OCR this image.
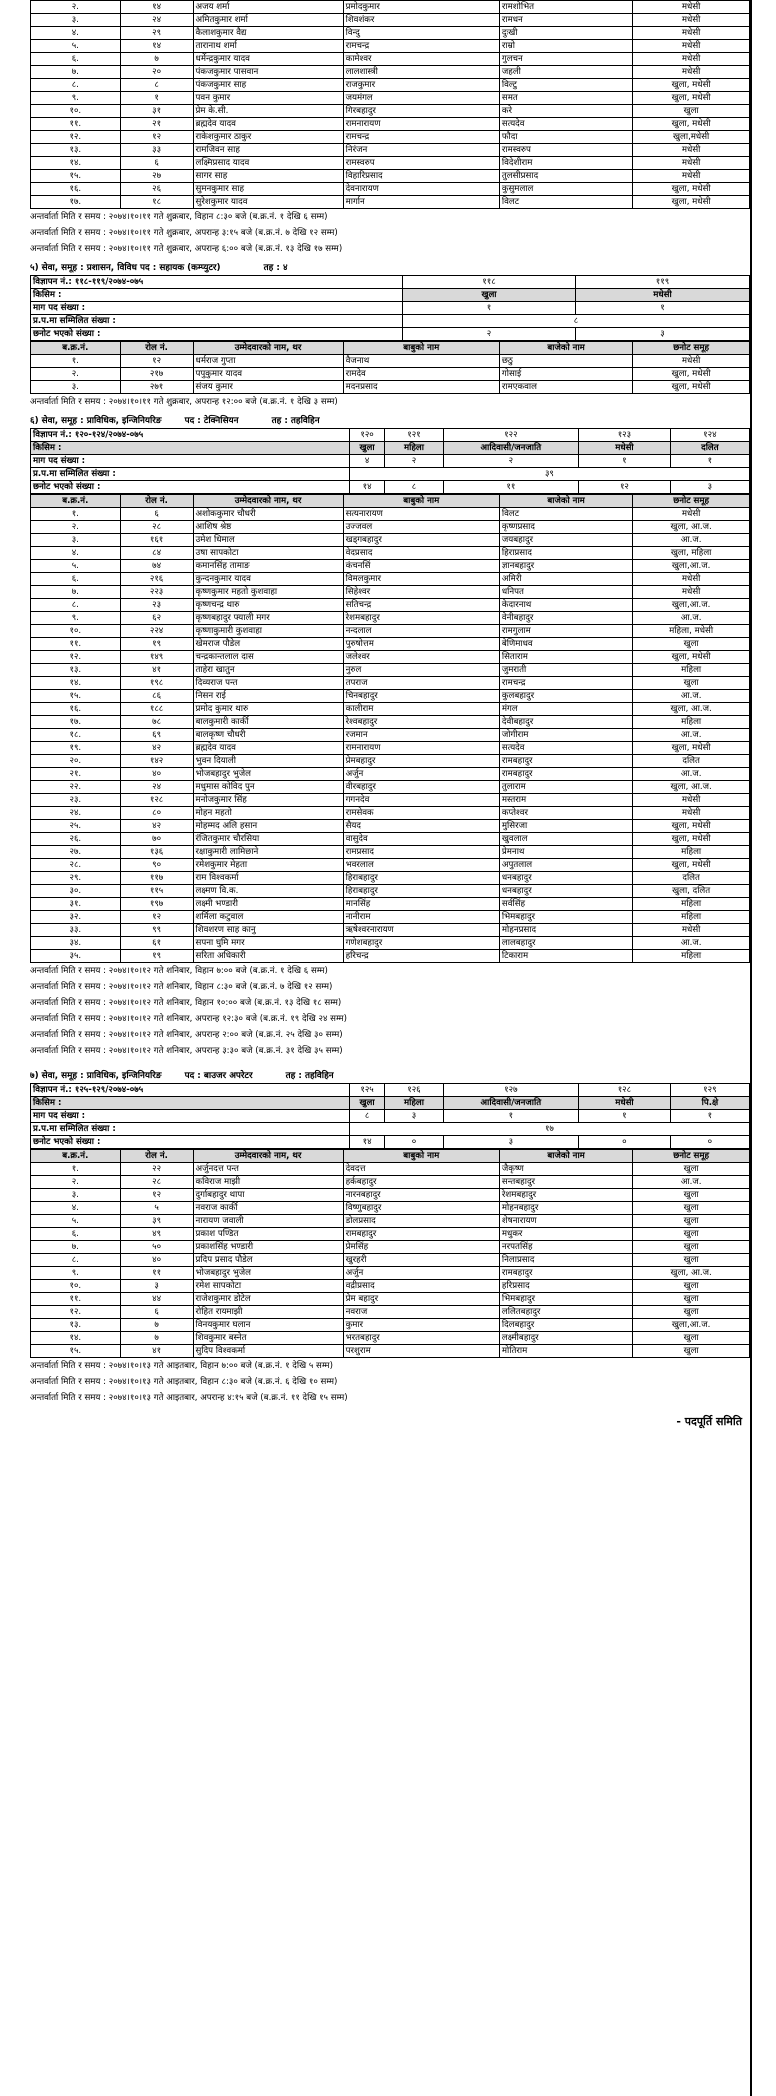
२.	१४	अजय शर्मा	प्रमोदकुमार	रामशोभित	मधेसी
३.	२४	अमितकुमार शर्मा	शिवशंकर	रामधन	मधेसी
४.	२९	कैलाशकुमार वैद्य	विन्दु	दुःखी	मधेसी
५.	१४	तारानाथ शर्मा	रामचन्द्र	राम्रो	मधेसी
६.	७	धर्मेन्द्रकुमार यादव	कामेश्वर	गुलचन	मधेसी
७.	२०	पंकजकुमार पासवान	लालशास्त्री	जहली	मधेसी
८.	८	पंकजकुमार साह	राजकुमार	विल्टु	खुला, मधेसी
९.	१	पवन कुमार	जयमंगल	समत	खुला, मधेसी
१०.	३१	प्रेम के.सी.	गिरबहादुर	करे	खुला
११.	२१	ब्रह्मदेव यादव	रामनारायण	सत्यदेव	खुला, मधेसी
१२.	१२	राकेशकुमार ठाकुर	रामचन्द्र	फौदा	खुला,मधेसी
१३.	३३	रामजिवन साह	निरंजन	रामस्वरुप	मधेसी
१४.	६	लक्ष्मिप्रसाद यादव	रामस्वरुप	विदेशीराम	मधेसी
१५.	२७	सागर साह	विहारिप्रसाद	तुलसीप्रसाद	मधेसी
१६.	२६	सुमनकुमार साह	देवनारायण	कुसुमलाल	खुला, मधेसी
१७.	१८	सुरेशकुमार यादव	मार्गान	विलट	खुला, मधेसी
अन्तर्वार्ता मिति र समय : २०७४।१०।११ गते शुक्रबार, विहान ८:३० बजे (ब.क्र.नं. १ देखि ६ सम्म)
अन्तर्वार्ता मिति र समय : २०७४।१०।११ गते शुक्रबार, अपरान्ह ३:१५ बजे (ब.क्र.नं. ७ देखि १२ सम्म)
अन्तर्वार्ता मिति र समय : २०७४।१०।११ गते शुक्रबार, अपरान्ह ६:०० बजे (ब.क्र.नं. १३ देखि १७ सम्म)
५) सेवा, समूह : प्रशासन, विविध पद : सहायक (कम्प्युटर)	तह : ४
विज्ञापन नं.: ११८-११९/२०७४-०७५	११८	११९
किसिम :	खुला	मधेसी
माग पद संख्या :	१	१
प्र.प.मा सम्मिलित संख्या :	८	
छनोट भएको संख्या :	२	३
ब.क्र.नं.	रोल नं.	उम्मेदवारको नाम, थर	बाबुको नाम	बाजेको नाम	छनोट समूह
१.	१२	धर्मराज गुप्ता	वैजनाथ	छठु	मधेसी
२.	२१७	पपुकुमार यादव	रामदेव	गोसाई	खुला, मधेसी
३.	२७१	संजय कुमार	मदनप्रसाद	रामएकवाल	खुला, मधेसी
अन्तर्वार्ता मिति र समय : २०७४।१०।११ गते शुक्रबार, अपरान्ह १२:०० बजे (ब.क्र.नं. १ देखि ३ सम्म)
६) सेवा, समूह : प्राविधिक, इन्जिनियरिङ	पद : टेक्निसियन	तह : तहविहिन
विज्ञापन नं.: १२०-१२४/२०७४-०७५	१२०	१२१	१२२	१२३	१२४
किसिम :	खुला	महिला	आदिवासी/जनजाति	मधेसी	दलित
माग पद संख्या :	४	२	२	१	१
प्र.प.मा सम्मिलित संख्या :	३९				
छनोट भएको संख्या :	१४	८	११	१२	३
ब.क्र.नं.	रोल नं.	उम्मेदवारको नाम, थर	बाबुको नाम	बाजेको नाम	छनोट समूह
१.	६	अशोककुमार चौधरी	सत्यनारायण	विलट	मधेसी
२.	२८	आशिष श्रेष्ठ	उज्जवल	कृष्णप्रसाद	खुला, आ.ज.
३.	१६१	उमेश धिमाल	खड्गबहादुर	जयबहादुर	आ.ज.
४.	८४	उषा सापकोटा	वेदप्रसाद	हिराप्रसाद	खुला, महिला
५.	७४	कमानसिंह तामाङ	कंचनसिं	ज्ञानबहादुर	खुला,आ.ज.
६.	२१६	कुन्दनकुमार यादव	विमलकुमार	अमिरी	मधेसी
७.	२२३	कृष्णकुमार महतो कुशवाहा	सिहेश्वर	धनिपत	मधेसी
८.	२३	कृष्णचन्द्र थारु	सतिचन्द्र	केदारनाथ	खुला,आ.ज.
९.	६२	कृष्णबहादुर फ्याली मगर	रेशमबहादुर	वेनीबहादुर	आ.ज.
१०.	२२४	कृष्णाकुमारी कुशवाहा	नन्दलाल	रामगुलाम	महिला, मधेसी
११.	१९	खेमराज पौडेल	पुरुषोत्तम	बेणिमाधव	खुला
१२.	१४९	चन्द्रकान्तलाल दास	जलेश्वर	सिताराम	खुला, मधेसी
१३.	४१	ताहेरा खातुन	नुरुल	जुमराती	महिला
१४.	१९८	दिव्यराज पन्त	तपराज	रामचन्द्र	खुला
१५.	८६	निसन राई	चिनबहादुर	कुलबहादुर	आ.ज.
१६.	१८८	प्रमोद कुमार थारु	कालीराम	मंगल	खुला, आ.ज.
१७.	७८	बालकुमारी कार्की	रेश्वबहादुर	देवीबहादुर	महिला
१८.	६९	बालकृष्ण चौधरी	रजमान	जोगीराम	आ.ज.
१९.	४२	ब्रह्मदेव यादव	रामनारायण	सत्यदेव	खुला, मधेसी
२०.	१४२	भुवन दियाली	प्रेमबहादुर	रामबहादुर	दलित
२१.	४०	भोजबहादुर भुजेल	अर्जुन	रामबहादुर	आ.ज.
२२.	२४	मधुमास कोविद पुन	वीरबहादुर	तुलाराम	खुला, आ.ज.
२३.	१२८	मनोजकुमार सिंह	गगनदेव	मस्तराम	मधेसी
२४.	८०	मोहन महतो	रामसेवक	कप्तेश्वर	मधेसी
२५.	४२	मोहम्मद अलि हसान	सैयद	मुसिरजा	खुला, मधेसी
२६.	७०	रंजितकुमार चौरसिया	वासुदेव	खुवलाल	खुला, मधेसी
२७.	१३६	रक्षाकुमारी लामिछाने	रामप्रसाद	प्रेमनाथ	महिला
२८.	९०	रमेशकुमार मेहता	भवरलाल	अपुतलाल	खुला, मधेसी
२९.	११७	राम विश्वकर्मा	हिराबहादुर	धनबहादुर	दलित
३०.	११५	लक्ष्मण वि.क.	हिराबहादुर	धनबहादुर	खुला, दलित
३१.	१९७	लक्ष्मी भण्डारी	मानसिंह	सर्वसिंह	महिला
३२.	१२	शर्मिला कटुवाल	नानीराम	भिमबहादुर	महिला
३३.	९९	शिवशरण साह कानु	ऋषेश्वरनारायण	मोहनप्रसाद	मधेसी
३४.	६१	सपना घुमि मगर	गणेशबहादुर	लालबहादुर	आ.ज.
३५.	१९	सरिता अधिकारी	हरिचन्द्र	टिकाराम	महिला
अन्तर्वार्ता मिति र समय : २०७४।१०।१२ गते शनिबार, विहान ७:०० बजे (ब.क्र.नं. १ देखि ६ सम्म)
अन्तर्वार्ता मिति र समय : २०७४।१०।१२ गते शनिबार, विहान ८:३० बजे (ब.क्र.नं. ७ देखि १२ सम्म)
अन्तर्वार्ता मिति र समय : २०७४।१०।१२ गते शनिबार, विहान १०:०० बजे (ब.क्र.नं. १३ देखि १८ सम्म)
अन्तर्वार्ता मिति र समय : २०७४।१०।१२ गते शनिबार, अपरान्ह १२:३० बजे (ब.क्र.नं. १९ देखि २४ सम्म)
अन्तर्वार्ता मिति र समय : २०७४।१०।१२ गते शनिबार, अपरान्ह २:०० बजे (ब.क्र.नं. २५ देखि ३० सम्म)
अन्तर्वार्ता मिति र समय : २०७४।१०।१२ गते शनिबार, अपरान्ह ३:३० बजे (ब.क्र.नं. ३१ देखि ३५ सम्म)
७) सेवा, समूह : प्राविधिक, इन्जिनियरिङ	पद : बाउजर अपरेटर	तह : तहविहिन
विज्ञापन नं.: १२५-१२९/२०७४-०७५	१२५	१२६	१२७	१२८	१२९
किसिम :	खुला	महिला	आदिवासी/जनजाति	मधेसी	पि.क्षे
माग पद संख्या :	८	३	१	१	१
प्र.प.मा सम्मिलित संख्या :	१७				
छनोट भएको संख्या :	१४	०	३	०	०
ब.क्र.नं.	रोल नं.	उम्मेदवारको नाम, थर	बाबुको नाम	बाजेको नाम	छनोट समूह
१.	२२	अर्जुनदत्त पन्त	देवदत्त	जैकृष्ण	खुला
२.	२८	कविराज माझी	हर्कबहादुर	सन्तबहादुर	आ.ज.
३.	१२	दुर्गाबहादुर थापा	नारनबहादुर	रेशमबहादुर	खुला
४.	५	नवराज कार्की	विष्णुबहादुर	मोहनबहादुर	खुला
५.	३९	नारायण जवाली	डोलप्रसाद	शेषनारायण	खुला
६.	४९	प्रकाश पण्डित	रामबहादुर	मधुकर	खुला
७.	५०	प्रकाशसिंह भण्डारी	प्रेमसिंह	नरपतसिंह	खुला
८.	४०	प्रदिप प्रसाद पौडेल	खुरहरी	निलाप्रसाद	खुला
९.	११	भोजबहादुर भुजेल	अर्जुन	रामबहादुर	खुला, आ.ज.
१०.	३	रमेश सापकोटा	वद्रीप्रसाद	हरिप्रसाद	खुला
११.	४४	राजेशकुमार डोटेल	प्रेम बहादुर	भिमबहादुर	खुला
१२.	६	रोहित रायमाझी	नवराज	ललितबहादुर	खुला
१३.	७	विनयकुमार घलान	कुमार	दिलबहादुर	खुला,आ.ज.
१४.	७	शिवकुमार बस्नेत	भरतबहादुर	लक्ष्मीबहादुर	खुला
१५.	४१	सुदिप विश्वकर्मा	परशुराम	मोतिराम	खुला
अन्तर्वार्ता मिति र समय : २०७४।१०।१३ गते आइतबार, विहान ७:०० बजे (ब.क्र.नं. १ देखि ५ सम्म)
अन्तर्वार्ता मिति र समय : २०७४।१०।१३ गते आइतबार, विहान ८:३० बजे (ब.क्र.नं. ६ देखि १० सम्म)
अन्तर्वार्ता मिति र समय : २०७४।१०।१३ गते आइतबार, अपरान्ह ४:१५ बजे (ब.क्र.नं. ११ देखि १५ सम्म)
- पदपूर्ति समिति
